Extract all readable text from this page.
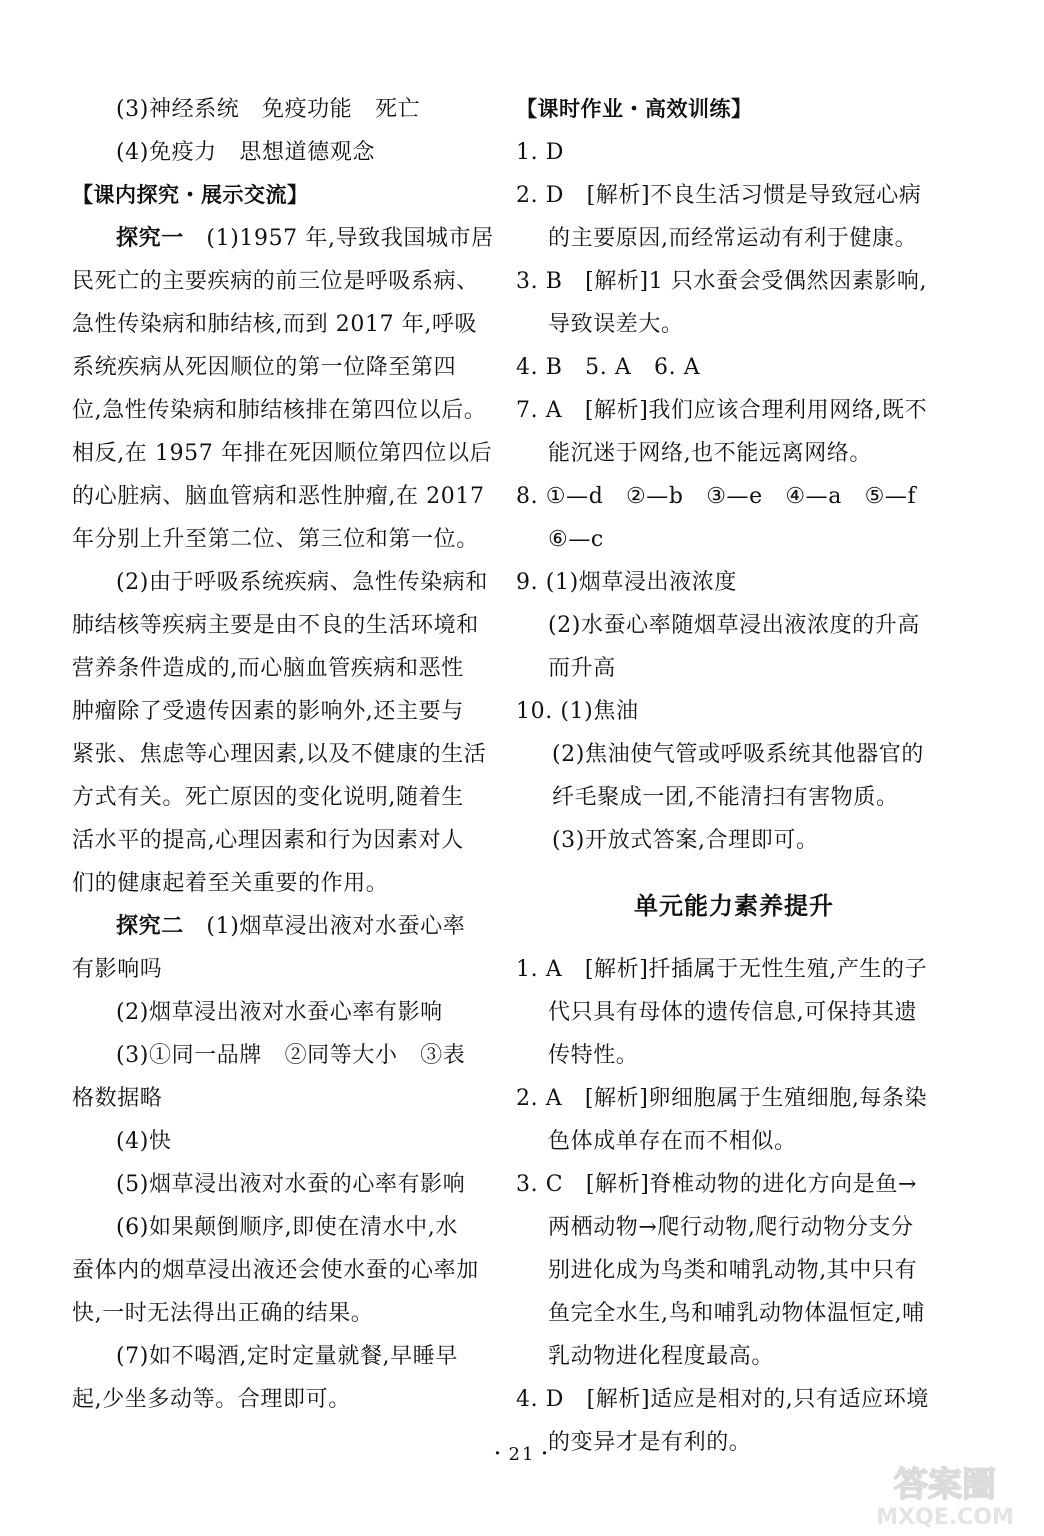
(3)神经系统　免疫功能　死亡
(4)免疫力　思想道德观念
【课内探究・展示交流】
探究一　 (1)1957 年,导致我国城市居
民死亡的主要疾病的前三位是呼吸系病、
急性传染病和肺结核,而到 2017 年,呼吸
系统疾病从死因顺位的第一位降至第四
位,急性传染病和肺结核排在第四位以后。
相反,在 1957 年排在死因顺位第四位以后
的心脏病、脑血管病和恶性肿瘤,在 2017
年分别上升至第二位、第三位和第一位。
(2)由于呼吸系统疾病、急性传染病和
肺结核等疾病主要是由不良的生活环境和
营养条件造成的,而心脑血管疾病和恶性
肿瘤除了受遗传因素的影响外,还主要与
紧张、焦虑等心理因素,以及不健康的生活
方式有关。死亡原因的变化说明,随着生
活水平的提高,心理因素和行为因素对人
们的健康起着至关重要的作用。
探究二　 (1)烟草浸出液对水蚕心率
有影响吗
(2)烟草浸出液对水蚕心率有影响
(3)①同一品牌　②同等大小　③表
格数据略
(4)快
(5)烟草浸出液对水蚕的心率有影响
(6)如果颠倒顺序,即使在清水中,水
蚕体内的烟草浸出液还会使水蚕的心率加
快,一时无法得出正确的结果。
(7)如不喝酒,定时定量就餐,早睡早
起,少坐多动等。合理即可。
【课时作业・高效训练】
1. D
2. D　[解析]不良生活习惯是导致冠心病
的主要原因,而经常运动有利于健康。
3. B　[解析]1 只水蚕会受偶然因素影响,
导致误差大。
4. B　5. A　6. A
7. A　[解析]我们应该合理利用网络,既不
能沉迷于网络,也不能远离网络。
8. ①—d　②—b　③—e　④—a　⑤—f
⑥—c
9. (1)烟草浸出液浓度
(2)水蚕心率随烟草浸出液浓度的升高
而升高
10. (1)焦油
(2)焦油使气管或呼吸系统其他器官的
纤毛聚成一团,不能清扫有害物质。
(3)开放式答案,合理即可。
单元能力素养提升
1. A　[解析]扦插属于无性生殖,产生的子
代只具有母体的遗传信息,可保持其遗
传特性。
2. A　[解析]卵细胞属于生殖细胞,每条染
色体成单存在而不相似。
3. C　[解析]脊椎动物的进化方向是鱼→
两栖动物→爬行动物,爬行动物分支分
别进化成为鸟类和哺乳动物,其中只有
鱼完全水生,鸟和哺乳动物体温恒定,哺
乳动物进化程度最高。
4. D　[解析]适应是相对的,只有适应环境
的变异才是有利的。
・21・
答案圈
MXQE.COM
